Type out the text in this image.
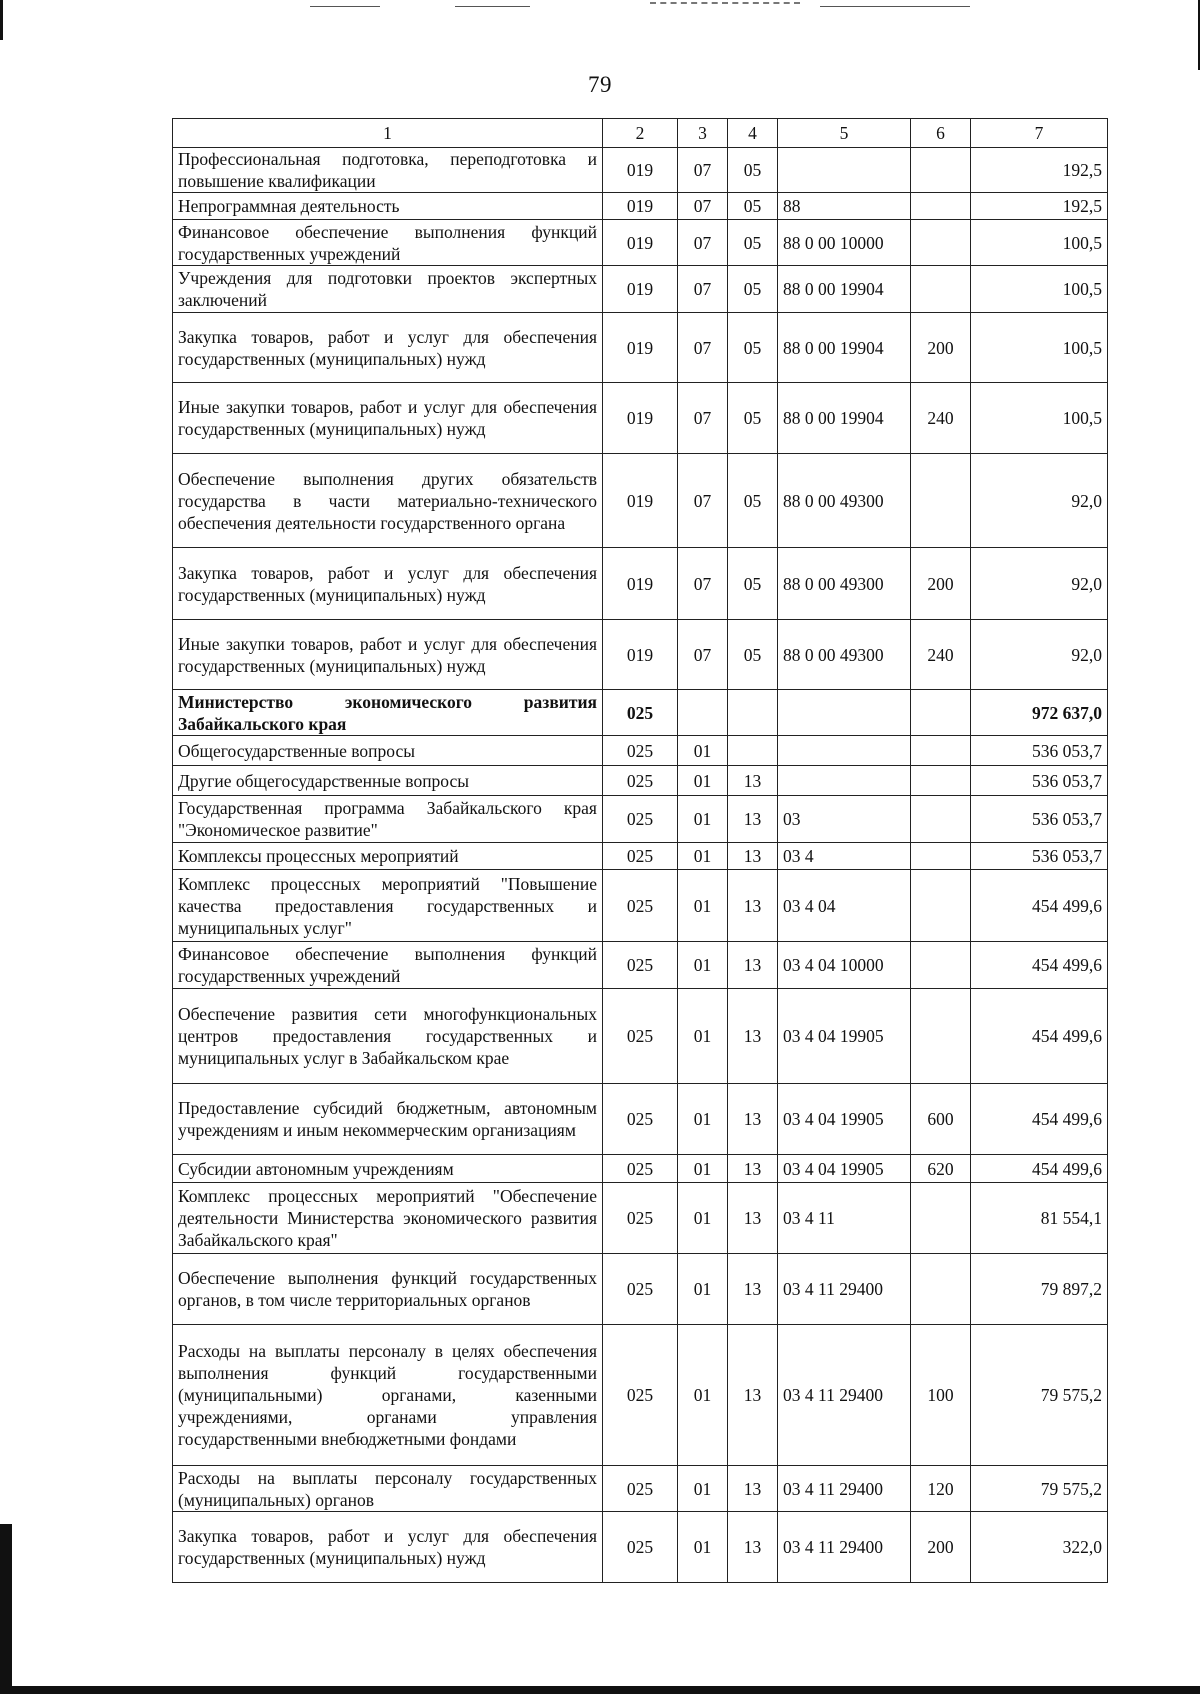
79
1	2	3	4	5	6	7
Профессиональная подготовка, переподготовка и повышение квалификации	019	07	05			192,5
Непрограммная деятельность	019	07	05	88		192,5
Финансовое обеспечение выполнения функций государственных учреждений	019	07	05	88 0 00 10000		100,5
Учреждения для подготовки проектов экспертных заключений	019	07	05	88 0 00 19904		100,5
Закупка товаров, работ и услуг для обеспечения государственных (муниципальных) нужд	019	07	05	88 0 00 19904	200	100,5
Иные закупки товаров, работ и услуг для обеспечения государственных (муниципальных) нужд	019	07	05	88 0 00 19904	240	100,5
Обеспечение выполнения других обязательств государства в части материально-технического обеспечения деятельности государственного органа	019	07	05	88 0 00 49300		92,0
Закупка товаров, работ и услуг для обеспечения государственных (муниципальных) нужд	019	07	05	88 0 00 49300	200	92,0
Иные закупки товаров, работ и услуг для обеспечения государственных (муниципальных) нужд	019	07	05	88 0 00 49300	240	92,0
Министерство экономического развития Забайкальского края	025					972 637,0
Общегосударственные вопросы	025	01				536 053,7
Другие общегосударственные вопросы	025	01	13			536 053,7
Государственная программа Забайкальского края "Экономическое развитие"	025	01	13	03		536 053,7
Комплексы процессных мероприятий	025	01	13	03 4		536 053,7
Комплекс процессных мероприятий "Повышение качества предоставления государственных и муниципальных услуг"	025	01	13	03 4 04		454 499,6
Финансовое обеспечение выполнения функций государственных учреждений	025	01	13	03 4 04 10000		454 499,6
Обеспечение развития сети многофункциональных центров предоставления государственных и муниципальных услуг в Забайкальском крае	025	01	13	03 4 04 19905		454 499,6
Предоставление субсидий бюджетным, автономным учреждениям и иным некоммерческим организациям	025	01	13	03 4 04 19905	600	454 499,6
Субсидии автономным учреждениям	025	01	13	03 4 04 19905	620	454 499,6
Комплекс процессных мероприятий "Обеспечение деятельности Министерства экономического развития Забайкальского края"	025	01	13	03 4 11		81 554,1
Обеспечение выполнения функций государственных органов, в том числе территориальных органов	025	01	13	03 4 11 29400		79 897,2
Расходы на выплаты персоналу в целях обеспечения выполнения функций государственными (муниципальными) органами, казенными учреждениями, органами управления государственными внебюджетными фондами	025	01	13	03 4 11 29400	100	79 575,2
Расходы на выплаты персоналу государственных (муниципальных) органов	025	01	13	03 4 11 29400	120	79 575,2
Закупка товаров, работ и услуг для обеспечения государственных (муниципальных) нужд	025	01	13	03 4 11 29400	200	322,0
